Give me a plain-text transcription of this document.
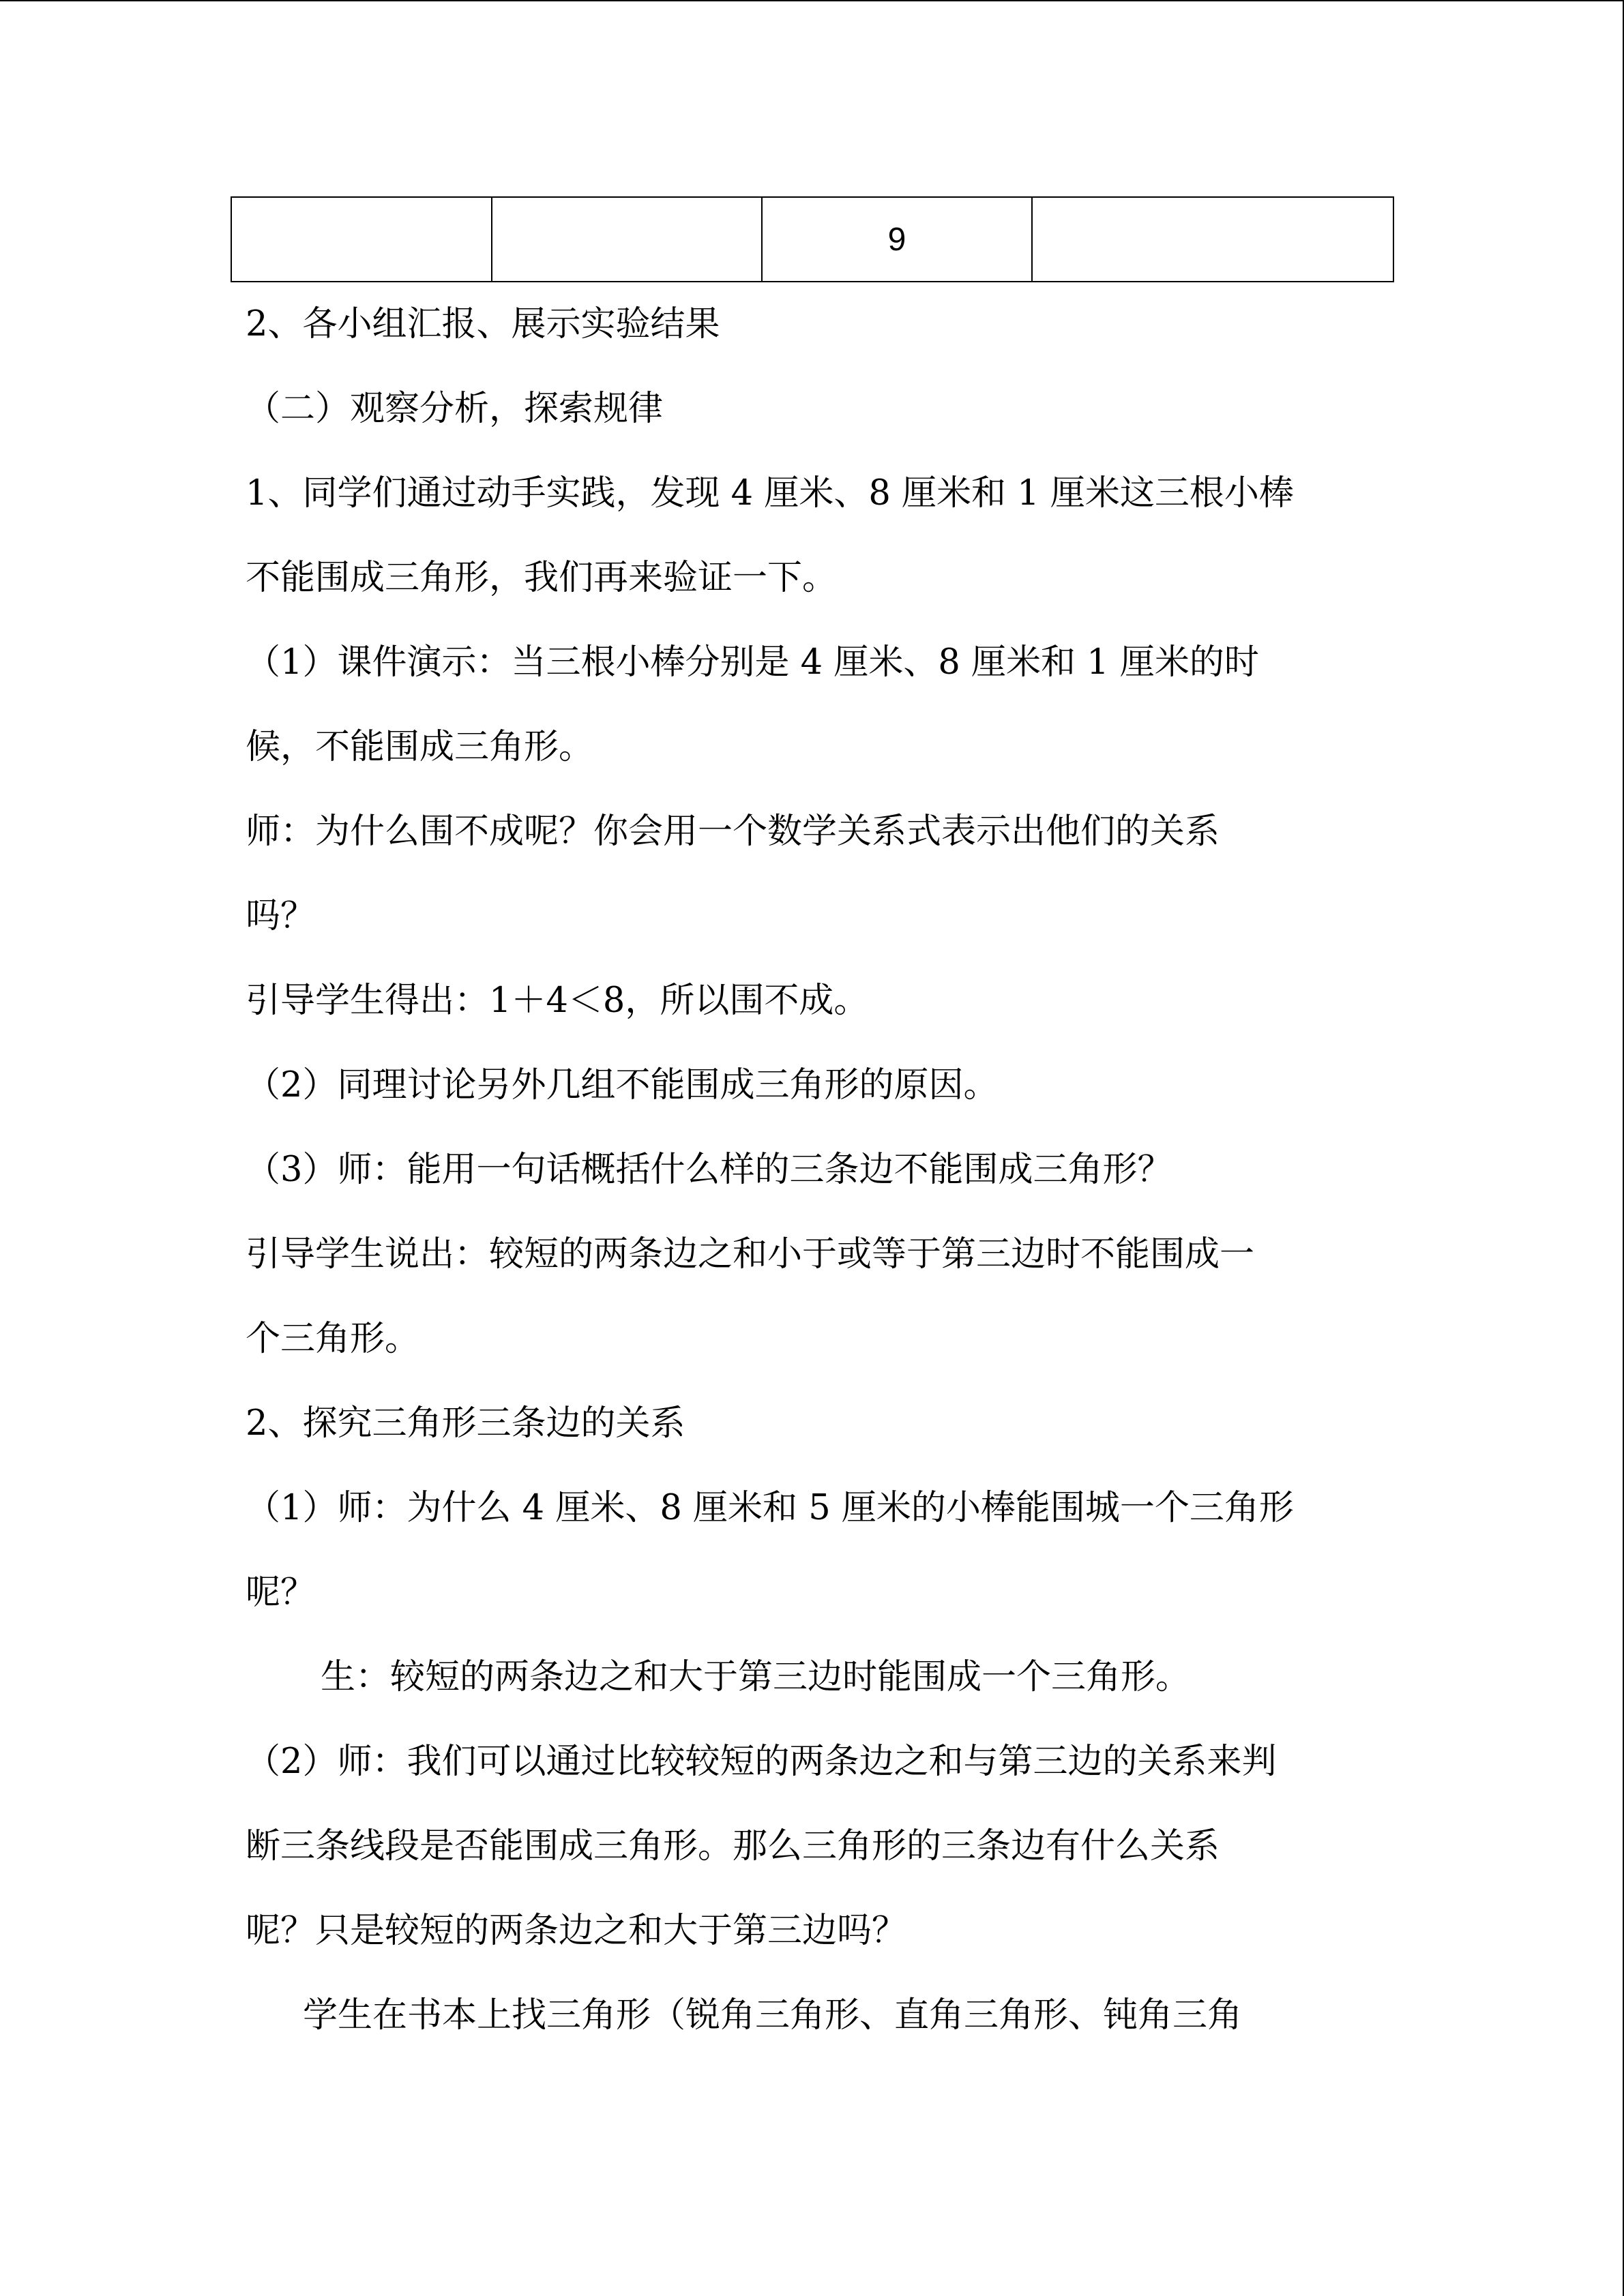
		9	
2、各小组汇报、展示实验结果
（二）观察分析，探索规律
1、同学们通过动手实践，发现 4 厘米、8 厘米和 1 厘米这三根小棒
不能围成三角形，我们再来验证一下。
（1）课件演示：当三根小棒分别是 4 厘米、8 厘米和 1 厘米的时
候，不能围成三角形。
师：为什么围不成呢？你会用一个数学关系式表示出他们的关系
吗？
引导学生得出：1＋4＜8，所以围不成。
（2）同理讨论另外几组不能围成三角形的原因。
（3）师：能用一句话概括什么样的三条边不能围成三角形？
引导学生说出：较短的两条边之和小于或等于第三边时不能围成一
个三角形。
2、探究三角形三条边的关系
（1）师：为什么 4 厘米、8 厘米和 5 厘米的小棒能围城一个三角形
呢？
生：较短的两条边之和大于第三边时能围成一个三角形。
（2）师：我们可以通过比较较短的两条边之和与第三边的关系来判
断三条线段是否能围成三角形。那么三角形的三条边有什么关系
呢？只是较短的两条边之和大于第三边吗？
学生在书本上找三角形（锐角三角形、直角三角形、钝角三角
